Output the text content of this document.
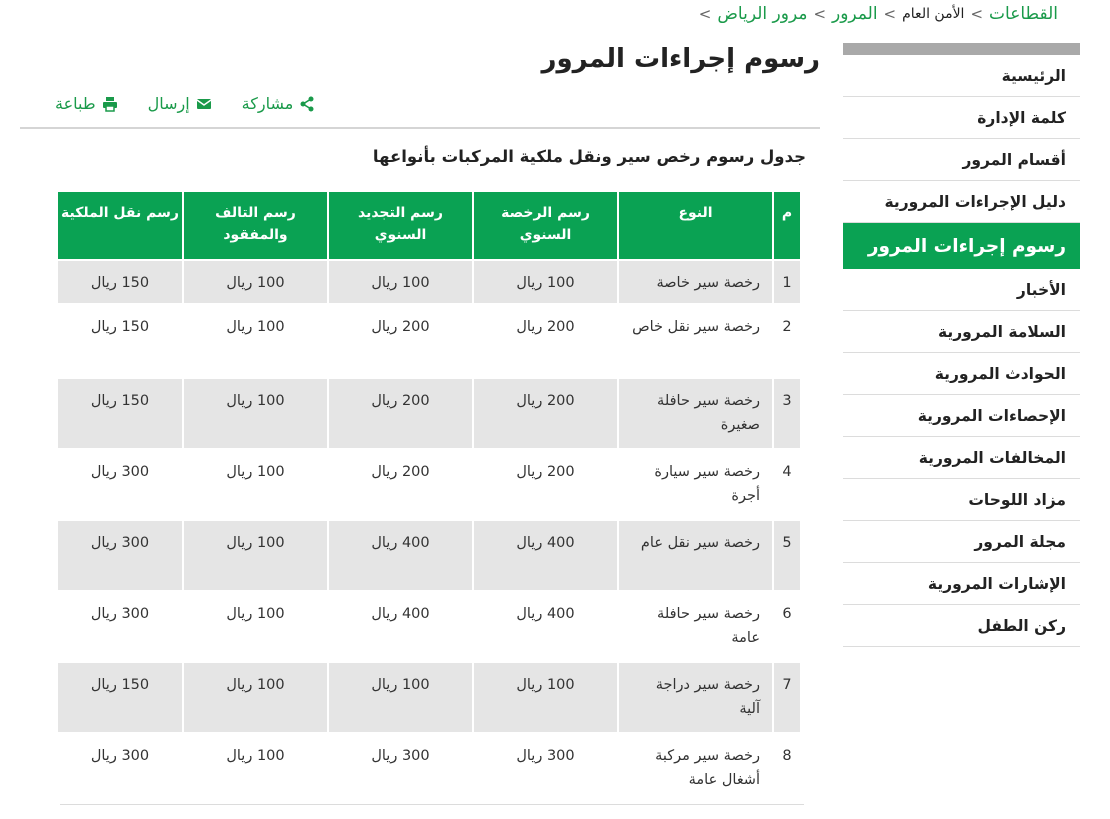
القطاعات
>
الأمن العام
>
المرور
>
مرور الرياض
>
الرئيسية
كلمة الإدارة
أقسام المرور
دليل الإجراءات المرورية
رسوم إجراءات المرور
الأخبار
السلامة المرورية
الحوادث المرورية
الإحصاءات المرورية
المخالفات المرورية
مزاد اللوحات
مجلة المرور
الإشارات المرورية
ركن الطفل
رسوم إجراءات المرور
طباعة	إرسال	مشاركة
جدول رسوم رخص سير ونقل ملكية المركبات بأنواعها
م	النوع	رسم الرخصة السنوي	رسم التجديد السنوي	رسم التالف والمفقود	رسم نقل الملكية
1	رخصة سير خاصة	100 ريال	100 ريال	100 ريال	150 ريال
2	رخصة سير نقل خاص	200 ريال	200 ريال	100 ريال	150 ريال
3	رخصة سير حافلة صغيرة	200 ريال	200 ريال	100 ريال	150 ريال
4	رخصة سير سيارة أجرة	200 ريال	200 ريال	100 ريال	300 ريال
5	رخصة سير نقل عام	400 ريال	400 ريال	100 ريال	300 ريال
6	رخصة سير حافلة عامة	400 ريال	400 ريال	100 ريال	300 ريال
7	رخصة سير دراجة آلية	100 ريال	100 ريال	100 ريال	150 ريال
8	رخصة سير مركبة أشغال عامة	300 ريال	300 ريال	100 ريال	300 ريال
